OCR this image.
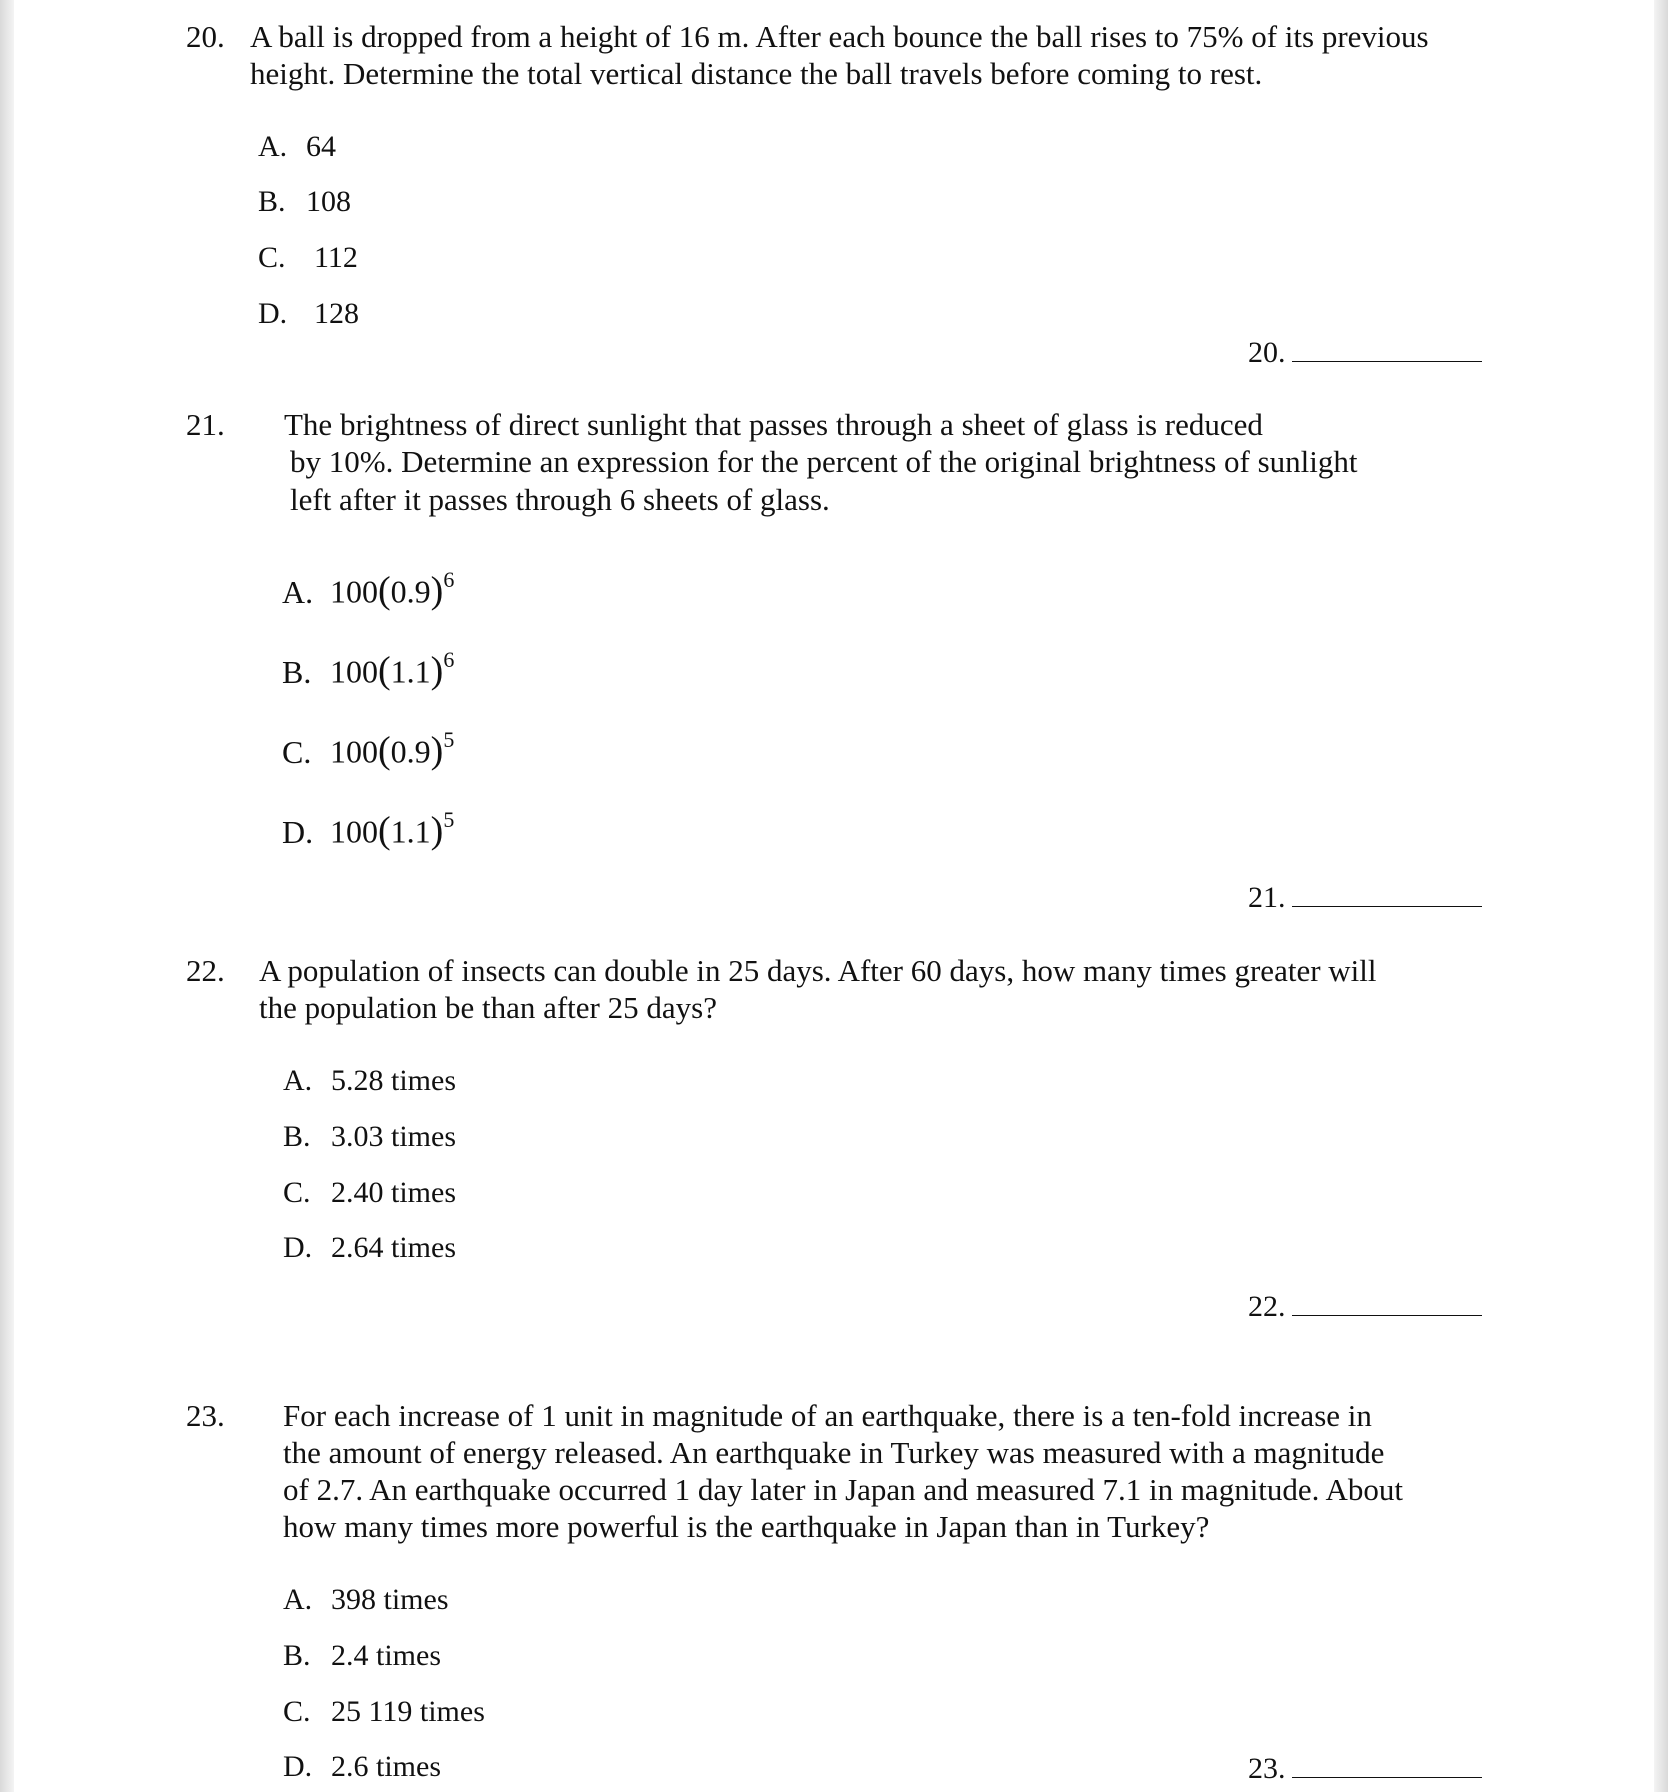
20. A ball is dropped from a height of 16 m. After each bounce the ball rises to 75% of its previous
height. Determine the total vertical distance the ball travels before coming to rest.
A. 64
B. 108
C. 112
D. 128
20.
21. The brightness of direct sunlight that passes through a sheet of glass is reduced
by 10%. Determine an expression for the percent of the original brightness of sunlight
left after it passes through 6 sheets of glass.
A. $100(0.9)^6$
B. $100(1.1)^6$
C. $100(0.9)^5$
D. $100(1.1)^5$
21.
22. A population of insects can double in 25 days. After 60 days, how many times greater will
the population be than after 25 days?
A. 5.28 times
B. 3.03 times
C. 2.40 times
D. 2.64 times
22.
23. For each increase of 1 unit in magnitude of an earthquake, there is a ten-fold increase in
the amount of energy released. An earthquake in Turkey was measured with a magnitude
of 2.7. An earthquake occurred 1 day later in Japan and measured 7.1 in magnitude. About
how many times more powerful is the earthquake in Japan than in Turkey?
A. 398 times
B. 2.4 times
C. 25 119 times
D. 2.6 times	23.
